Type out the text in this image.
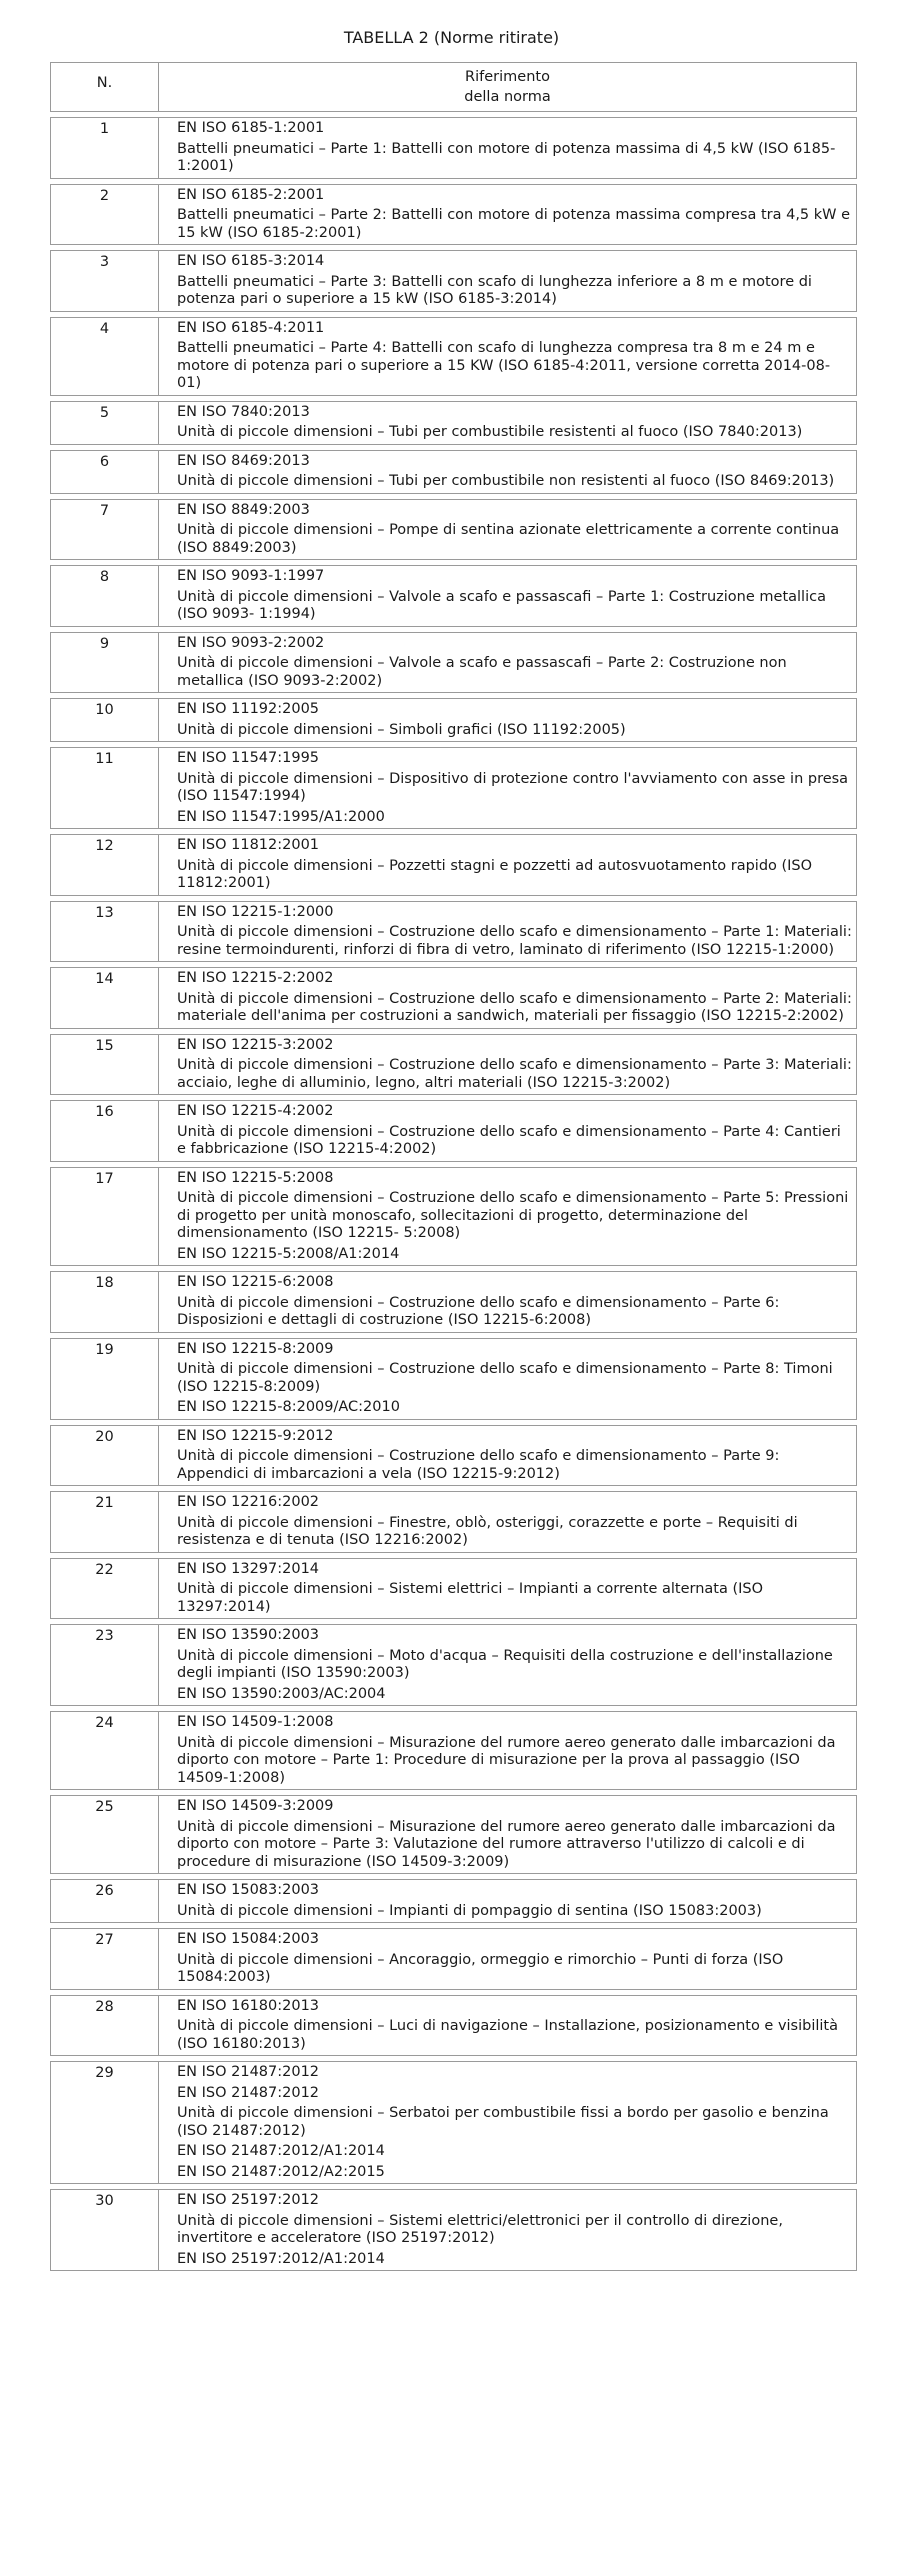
TABELLA 2 (Norme ritirate)
N.	Riferimento
della norma
1	EN ISO 6185-1:2001
Battelli pneumatici – Parte 1: Battelli con motore di potenza massima di 4,5 kW (ISO 6185-1:2001)
2	EN ISO 6185-2:2001
Battelli pneumatici – Parte 2: Battelli con motore di potenza massima compresa tra 4,5 kW e 15 kW (ISO 6185-2:2001)
3	EN ISO 6185-3:2014
Battelli pneumatici – Parte 3: Battelli con scafo di lunghezza inferiore a 8 m e motore di potenza pari o superiore a 15 kW (ISO 6185-3:2014)
4	EN ISO 6185-4:2011
Battelli pneumatici – Parte 4: Battelli con scafo di lunghezza compresa tra 8 m e 24 m e motore di potenza pari o superiore a 15 KW (ISO 6185-4:2011, versione corretta 2014-08-01)
5	EN ISO 7840:2013
Unità di piccole dimensioni – Tubi per combustibile resistenti al fuoco (ISO 7840:2013)
6	EN ISO 8469:2013
Unità di piccole dimensioni – Tubi per combustibile non resistenti al fuoco (ISO 8469:2013)
7	EN ISO 8849:2003
Unità di piccole dimensioni – Pompe di sentina azionate elettricamente a corrente continua (ISO 8849:2003)
8	EN ISO 9093-1:1997
Unità di piccole dimensioni – Valvole a scafo e passascafi – Parte 1: Costruzione metallica (ISO 9093- 1:1994)
9	EN ISO 9093-2:2002
Unità di piccole dimensioni – Valvole a scafo e passascafi – Parte 2: Costruzione non metallica (ISO 9093-2:2002)
10	EN ISO 11192:2005
Unità di piccole dimensioni – Simboli grafici (ISO 11192:2005)
11	EN ISO 11547:1995
Unità di piccole dimensioni – Dispositivo di protezione contro l'avviamento con asse in presa (ISO 11547:1994)
EN ISO 11547:1995/A1:2000
12	EN ISO 11812:2001
Unità di piccole dimensioni – Pozzetti stagni e pozzetti ad autosvuotamento rapido (ISO 11812:2001)
13	EN ISO 12215-1:2000
Unità di piccole dimensioni – Costruzione dello scafo e dimensionamento – Parte 1: Materiali: resine termoindurenti, rinforzi di fibra di vetro, laminato di riferimento (ISO 12215-1:2000)
14	EN ISO 12215-2:2002
Unità di piccole dimensioni – Costruzione dello scafo e dimensionamento – Parte 2: Materiali: materiale dell'anima per costruzioni a sandwich, materiali per fissaggio (ISO 12215-2:2002)
15	EN ISO 12215-3:2002
Unità di piccole dimensioni – Costruzione dello scafo e dimensionamento – Parte 3: Materiali: acciaio, leghe di alluminio, legno, altri materiali (ISO 12215-3:2002)
16	EN ISO 12215-4:2002
Unità di piccole dimensioni – Costruzione dello scafo e dimensionamento – Parte 4: Cantieri e fabbricazione (ISO 12215-4:2002)
17	EN ISO 12215-5:2008
Unità di piccole dimensioni – Costruzione dello scafo e dimensionamento – Parte 5: Pressioni di progetto per unità monoscafo, sollecitazioni di progetto, determinazione del dimensionamento (ISO 12215- 5:2008)
EN ISO 12215-5:2008/A1:2014
18	EN ISO 12215-6:2008
Unità di piccole dimensioni – Costruzione dello scafo e dimensionamento – Parte 6: Disposizioni e dettagli di costruzione (ISO 12215-6:2008)
19	EN ISO 12215-8:2009
Unità di piccole dimensioni – Costruzione dello scafo e dimensionamento – Parte 8: Timoni (ISO 12215-8:2009)
EN ISO 12215-8:2009/AC:2010
20	EN ISO 12215-9:2012
Unità di piccole dimensioni – Costruzione dello scafo e dimensionamento – Parte 9: Appendici di imbarcazioni a vela (ISO 12215-9:2012)
21	EN ISO 12216:2002
Unità di piccole dimensioni – Finestre, oblò, osteriggi, corazzette e porte – Requisiti di resistenza e di tenuta (ISO 12216:2002)
22	EN ISO 13297:2014
Unità di piccole dimensioni – Sistemi elettrici – Impianti a corrente alternata (ISO 13297:2014)
23	EN ISO 13590:2003
Unità di piccole dimensioni – Moto d'acqua – Requisiti della costruzione e dell'installazione degli impianti (ISO 13590:2003)
EN ISO 13590:2003/AC:2004
24	EN ISO 14509-1:2008
Unità di piccole dimensioni – Misurazione del rumore aereo generato dalle imbarcazioni da diporto con motore – Parte 1: Procedure di misurazione per la prova al passaggio (ISO 14509-1:2008)
25	EN ISO 14509-3:2009
Unità di piccole dimensioni – Misurazione del rumore aereo generato dalle imbarcazioni da diporto con motore – Parte 3: Valutazione del rumore attraverso l'utilizzo di calcoli e di procedure di misurazione (ISO 14509-3:2009)
26	EN ISO 15083:2003
Unità di piccole dimensioni – Impianti di pompaggio di sentina (ISO 15083:2003)
27	EN ISO 15084:2003
Unità di piccole dimensioni – Ancoraggio, ormeggio e rimorchio – Punti di forza (ISO 15084:2003)
28	EN ISO 16180:2013
Unità di piccole dimensioni – Luci di navigazione – Installazione, posizionamento e visibilità (ISO 16180:2013)
29	EN ISO 21487:2012
EN ISO 21487:2012
Unità di piccole dimensioni – Serbatoi per combustibile fissi a bordo per gasolio e benzina (ISO 21487:2012)
EN ISO 21487:2012/A1:2014
EN ISO 21487:2012/A2:2015
30	EN ISO 25197:2012
Unità di piccole dimensioni – Sistemi elettrici/elettronici per il controllo di direzione, invertitore e acceleratore (ISO 25197:2012)
EN ISO 25197:2012/A1:2014
